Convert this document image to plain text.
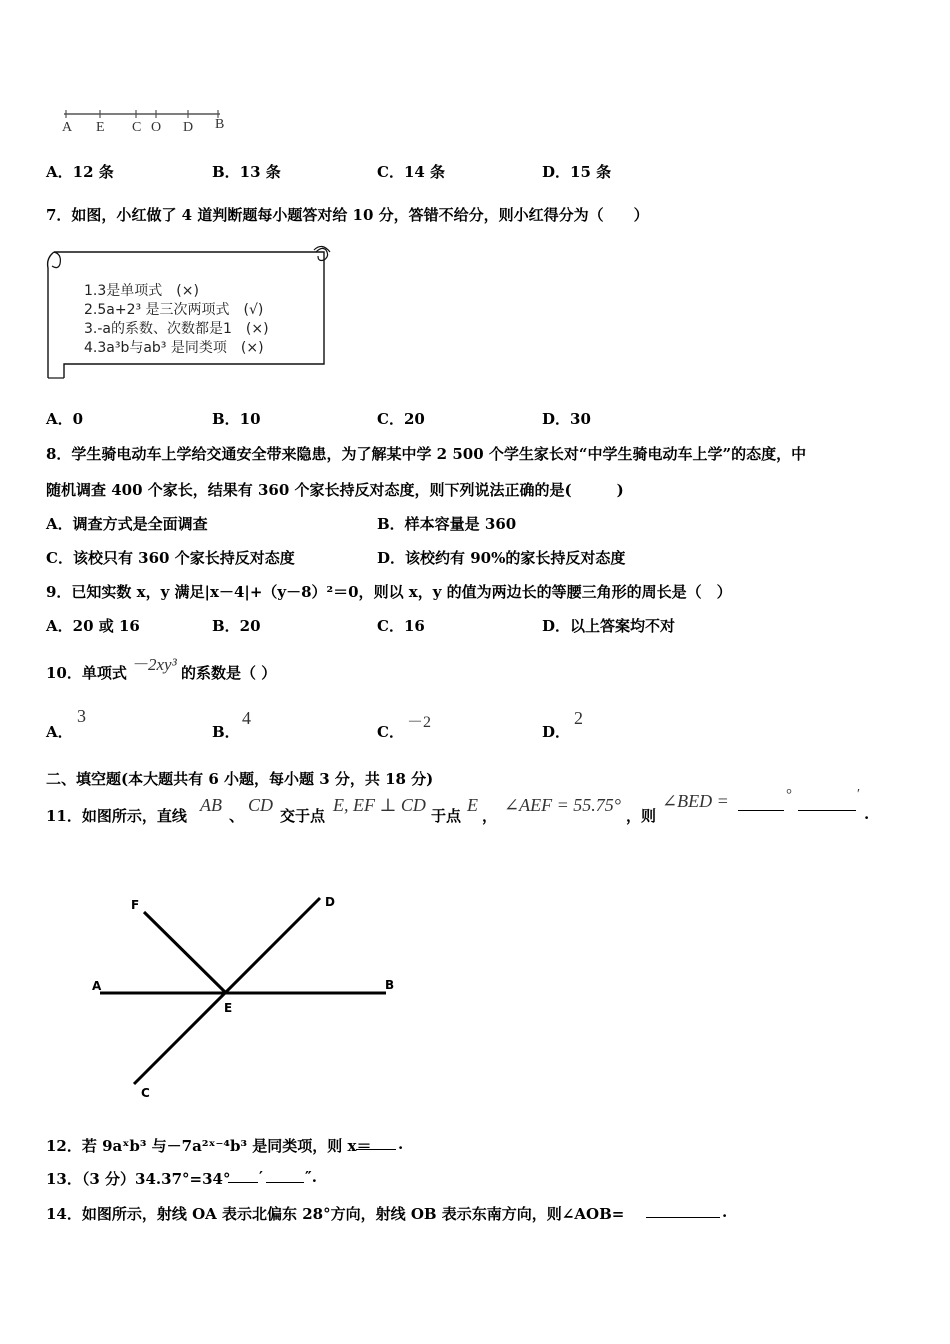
A E C O D B
A．12 条	B．13 条	C．14 条	D．15 条
7．如图，小红做了 4 道判断题每小题答对给 10 分，答错不给分，则小红得分为（　　）
1.3是单项式　(×)
2.5a+2³ 是三次两项式　(√)
3.-a的系数、次数都是1　(×)
4.3a³b与ab³ 是同类项　(×)
A．0	B．10	C．20	D．30
8．学生骑电动车上学给交通安全带来隐患，为了解某中学 2 500 个学生家长对“中学生骑电动车上学”的态度，中
随机调查 400 个家长，结果有 360 个家长持反对态度，则下列说法正确的是(　　　)
A．调查方式是全面调查	B．样本容量是 360
C．该校只有 360 个家长持反对态度	D．该校约有 90%的家长持反对态度
9．已知实数 x，y 满足|x－4|+（y－8）²＝0，则以 x，y 的值为两边长的等腰三角形的周长是（　）
A．20 或 16	B．20	C．16	D．以上答案均不对
10．单项式 －2xy³ 的系数是（ ）
A．
3
B．
4
C．
－2
D．
2
二、填空题(本大题共有 6 小题，每小题 3 分，共 18 分)
11．如图所示，直线
AB
、
CD
交于点
E, EF ⊥ CD
于点
E
，
∠AEF = 55.75°
，则
∠BED =	°	′
.
F	D
A	B
E
C
12．若 9aˣb³ 与－7a²ˣ⁻⁴b³ 是同类项，则 x＝ .
13．（3 分）34.37°=34° ′	″.
14．如图所示，射线 OA 表示北偏东 28°方向，射线 OB 表示东南方向，则∠AOB=	.
